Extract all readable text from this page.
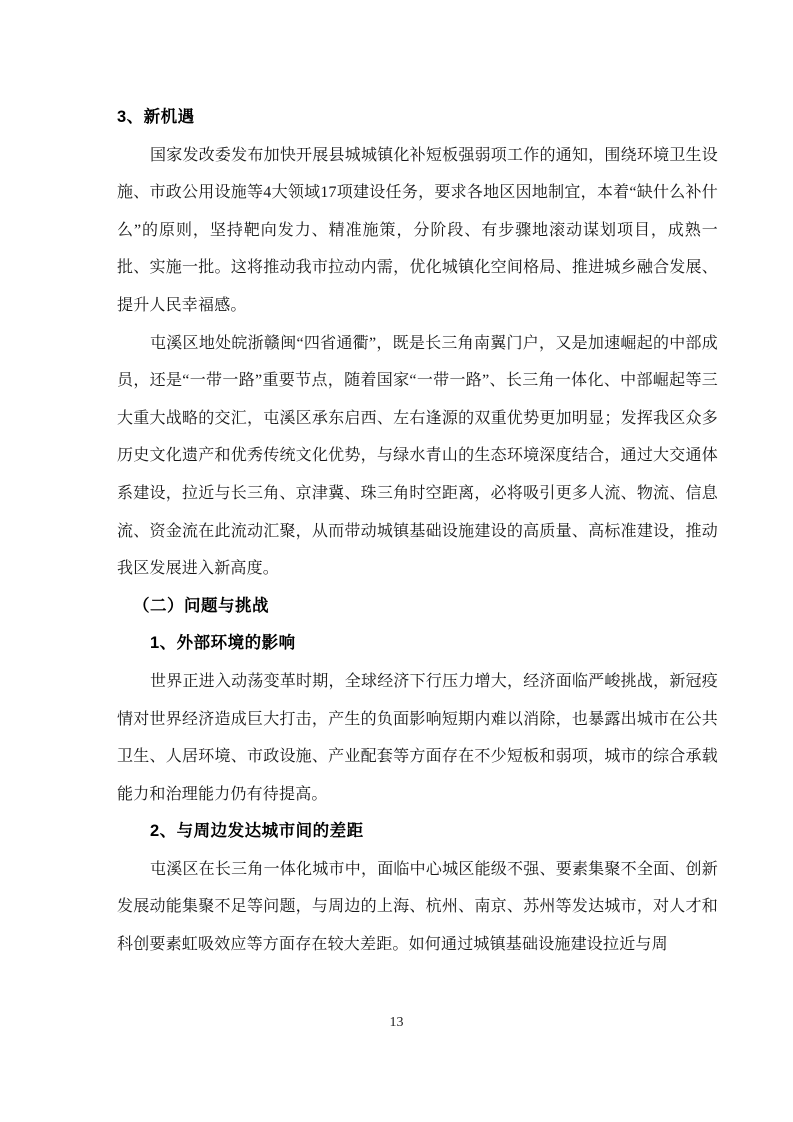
3、新机遇

国家发改委发布加快开展县城城镇化补短板强弱项工作的通知，围绕环境卫生设施、市政公用设施等4大领域17项建设任务，要求各地区因地制宜，本着“缺什么补什么”的原则，坚持靶向发力、精准施策，分阶段、有步骤地滚动谋划项目，成熟一批、实施一批。这将推动我市拉动内需，优化城镇化空间格局、推进城乡融合发展、提升人民幸福感。

屯溪区地处皖浙赣闽“四省通衢”，既是长三角南翼门户，又是加速崛起的中部成员，还是“一带一路”重要节点，随着国家“一带一路”、长三角一体化、中部崛起等三大重大战略的交汇，屯溪区承东启西、左右逢源的双重优势更加明显；发挥我区众多历史文化遗产和优秀传统文化优势，与绿水青山的生态环境深度结合，通过大交通体系建设，拉近与长三角、京津冀、珠三角时空距离，必将吸引更多人流、物流、信息流、资金流在此流动汇聚，从而带动城镇基础设施建设的高质量、高标准建设，推动我区发展进入新高度。

（二）问题与挑战
1、外部环境的影响

世界正进入动荡变革时期，全球经济下行压力增大，经济面临严峻挑战，新冠疫情对世界经济造成巨大打击，产生的负面影响短期内难以消除，也暴露出城市在公共卫生、人居环境、市政设施、产业配套等方面存在不少短板和弱项，城市的综合承载能力和治理能力仍有待提高。

2、与周边发达城市间的差距

屯溪区在长三角一体化城市中，面临中心城区能级不强、要素集聚不全面、创新发展动能集聚不足等问题，与周边的上海、杭州、南京、苏州等发达城市，对人才和科创要素虹吸效应等方面存在较大差距。如何通过城镇基础设施建设拉近与周

13
